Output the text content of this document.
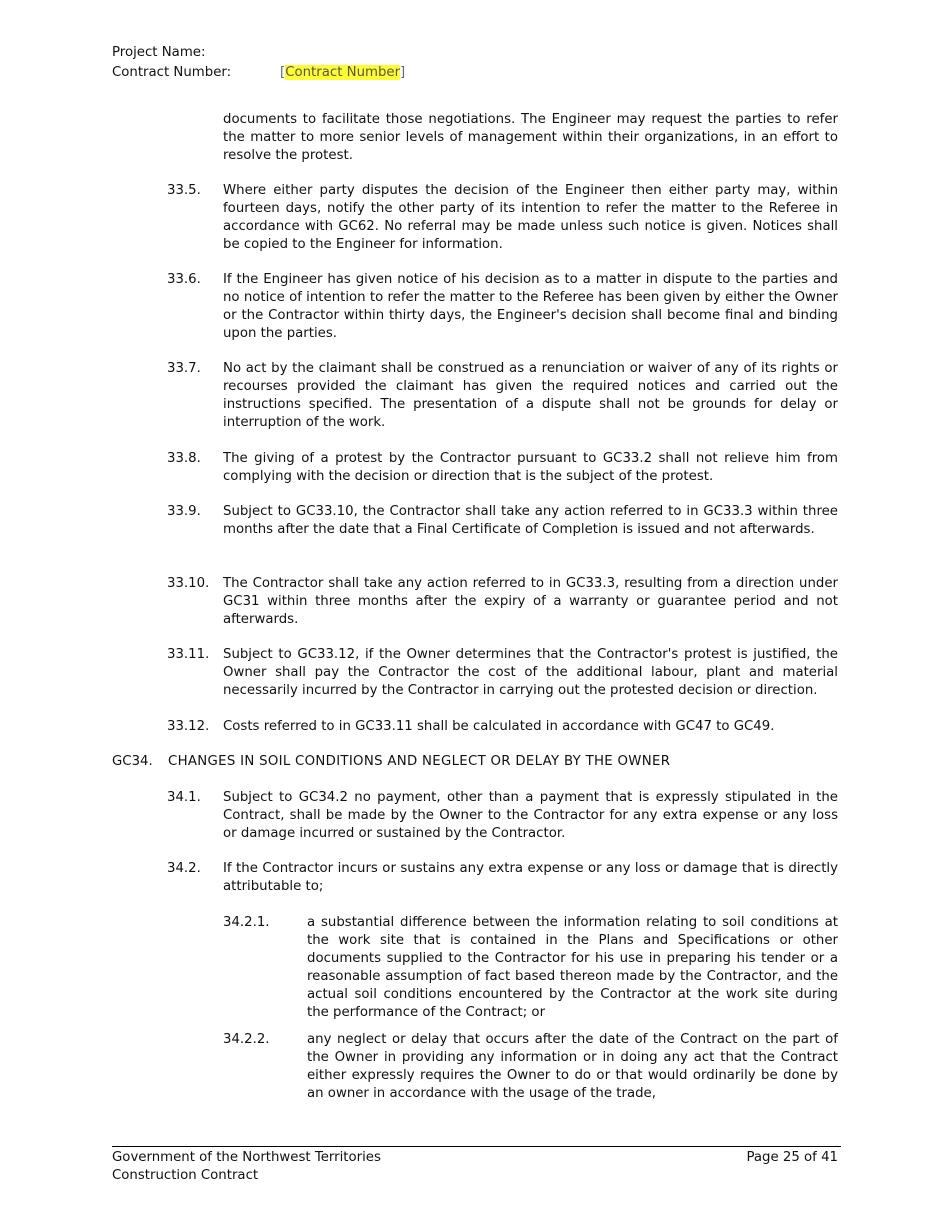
Project Name:
Contract Number:	[Contract Number]

documents to facilitate those negotiations. The Engineer may request the parties to refer the matter to more senior levels of management within their organizations, in an effort to resolve the protest.

33.5. Where either party disputes the decision of the Engineer then either party may, within fourteen days, notify the other party of its intention to refer the matter to the Referee in accordance with GC62. No referral may be made unless such notice is given. Notices shall be copied to the Engineer for information.

33.6. If the Engineer has given notice of his decision as to a matter in dispute to the parties and no notice of intention to refer the matter to the Referee has been given by either the Owner or the Contractor within thirty days, the Engineer's decision shall become final and binding upon the parties.

33.7. No act by the claimant shall be construed as a renunciation or waiver of any of its rights or recourses provided the claimant has given the required notices and carried out the instructions specified. The presentation of a dispute shall not be grounds for delay or interruption of the work.

33.8. The giving of a protest by the Contractor pursuant to GC33.2 shall not relieve him from complying with the decision or direction that is the subject of the protest.

33.9. Subject to GC33.10, the Contractor shall take any action referred to in GC33.3 within three months after the date that a Final Certificate of Completion is issued and not afterwards.

33.10. The Contractor shall take any action referred to in GC33.3, resulting from a direction under GC31 within three months after the expiry of a warranty or guarantee period and not afterwards.

33.11. Subject to GC33.12, if the Owner determines that the Contractor's protest is justified, the Owner shall pay the Contractor the cost of the additional labour, plant and material necessarily incurred by the Contractor in carrying out the protested decision or direction.

33.12. Costs referred to in GC33.11 shall be calculated in accordance with GC47 to GC49.

GC34. CHANGES IN SOIL CONDITIONS AND NEGLECT OR DELAY BY THE OWNER
34.1. Subject to GC34.2 no payment, other than a payment that is expressly stipulated in the Contract, shall be made by the Owner to the Contractor for any extra expense or any loss or damage incurred or sustained by the Contractor.

34.2. If the Contractor incurs or sustains any extra expense or any loss or damage that is directly attributable to;

34.2.1.	a substantial difference between the information relating to soil conditions at the work site that is contained in the Plans and Specifications or other documents supplied to the Contractor for his use in preparing his tender or a reasonable assumption of fact based thereon made by the Contractor, and the actual soil conditions encountered by the Contractor at the work site during the performance of the Contract; or

34.2.2.	any neglect or delay that occurs after the date of the Contract on the part of the Owner in providing any information or in doing any act that the Contract either expressly requires the Owner to do or that would ordinarily be done by an owner in accordance with the usage of the trade,

Government of the Northwest Territories
Construction Contract
Page 25 of 41
